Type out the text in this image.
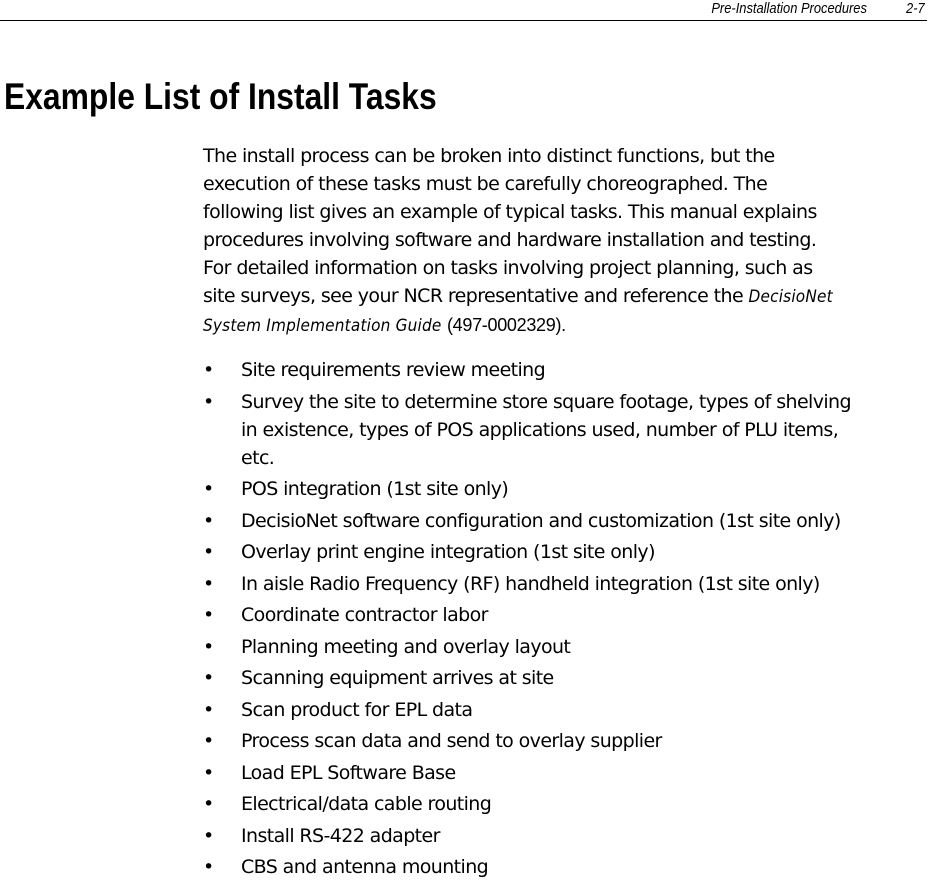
Pre-Installation Procedures	2-7
Example List of Install Tasks

The install process can be broken into distinct functions, but the
execution of these tasks must be carefully choreographed. The
following list gives an example of typical tasks. This manual explains
procedures involving software and hardware installation and testing.
For detailed information on tasks involving project planning, such as
site surveys, see your NCR representative and reference the DecisioNet
System Implementation Guide (497-0002329).

• Site requirements review meeting
• Survey the site to determine store square footage, types of shelving
in existence, types of POS applications used, number of PLU items,
etc.
• POS integration (1st site only)
• DecisioNet software configuration and customization (1st site only)
• Overlay print engine integration (1st site only)
• In aisle Radio Frequency (RF) handheld integration (1st site only)
• Coordinate contractor labor
• Planning meeting and overlay layout
• Scanning equipment arrives at site
• Scan product for EPL data
• Process scan data and send to overlay supplier
• Load EPL Software Base
• Electrical/data cable routing
• Install RS-422 adapter
• CBS and antenna mounting
